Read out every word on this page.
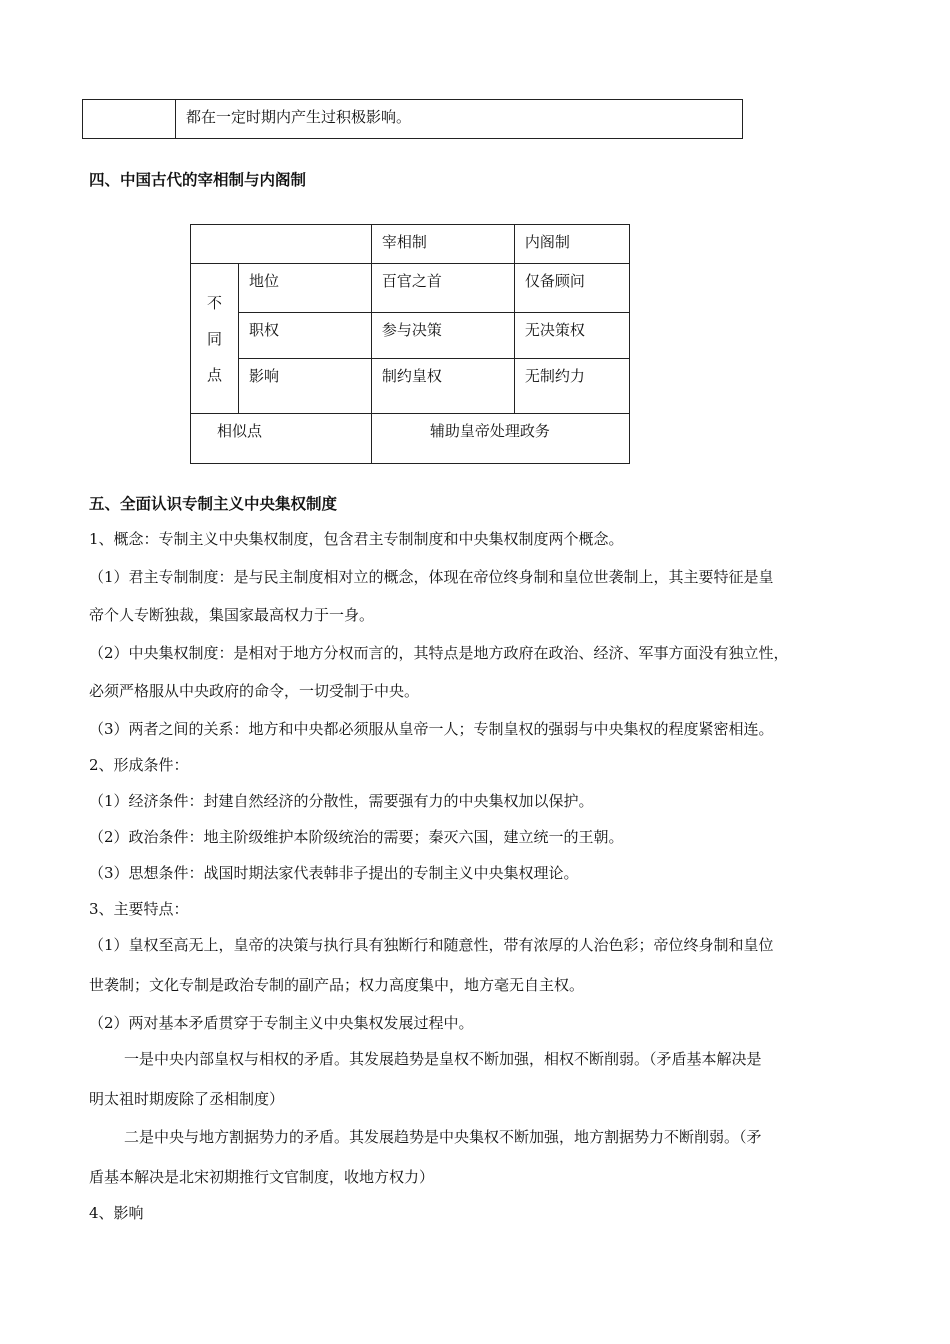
	都在一定时期内产生过积极影响。
四、中国古代的宰相制与内阁制
		宰相制	内阁制

不
同
点	地位	百官之首	仅备顾问
	职权	参与决策	无决策权
	影响	制约皇权	无制约力
相似点		辅助皇帝处理政务	
五、全面认识专制主义中央集权制度
1、概念：专制主义中央集权制度，包含君主专制制度和中央集权制度两个概念。
（1）君主专制制度：是与民主制度相对立的概念，体现在帝位终身制和皇位世袭制上，其主要特征是皇
帝个人专断独裁，集国家最高权力于一身。
（2）中央集权制度：是相对于地方分权而言的，其特点是地方政府在政治、经济、军事方面没有独立性，
必须严格服从中央政府的命令，一切受制于中央。
（3）两者之间的关系：地方和中央都必须服从皇帝一人；专制皇权的强弱与中央集权的程度紧密相连。
2、形成条件：
（1）经济条件：封建自然经济的分散性，需要强有力的中央集权加以保护。
（2）政治条件：地主阶级维护本阶级统治的需要；秦灭六国，建立统一的王朝。
（3）思想条件：战国时期法家代表韩非子提出的专制主义中央集权理论。
3、主要特点：
（1）皇权至高无上，皇帝的决策与执行具有独断行和随意性，带有浓厚的人治色彩；帝位终身制和皇位
世袭制；文化专制是政治专制的副产品；权力高度集中，地方毫无自主权。
（2）两对基本矛盾贯穿于专制主义中央集权发展过程中。
一是中央内部皇权与相权的矛盾。其发展趋势是皇权不断加强，相权不断削弱。（矛盾基本解决是
明太祖时期废除了丞相制度）
二是中央与地方割据势力的矛盾。其发展趋势是中央集权不断加强，地方割据势力不断削弱。（矛
盾基本解决是北宋初期推行文官制度，收地方权力）
4、影响
